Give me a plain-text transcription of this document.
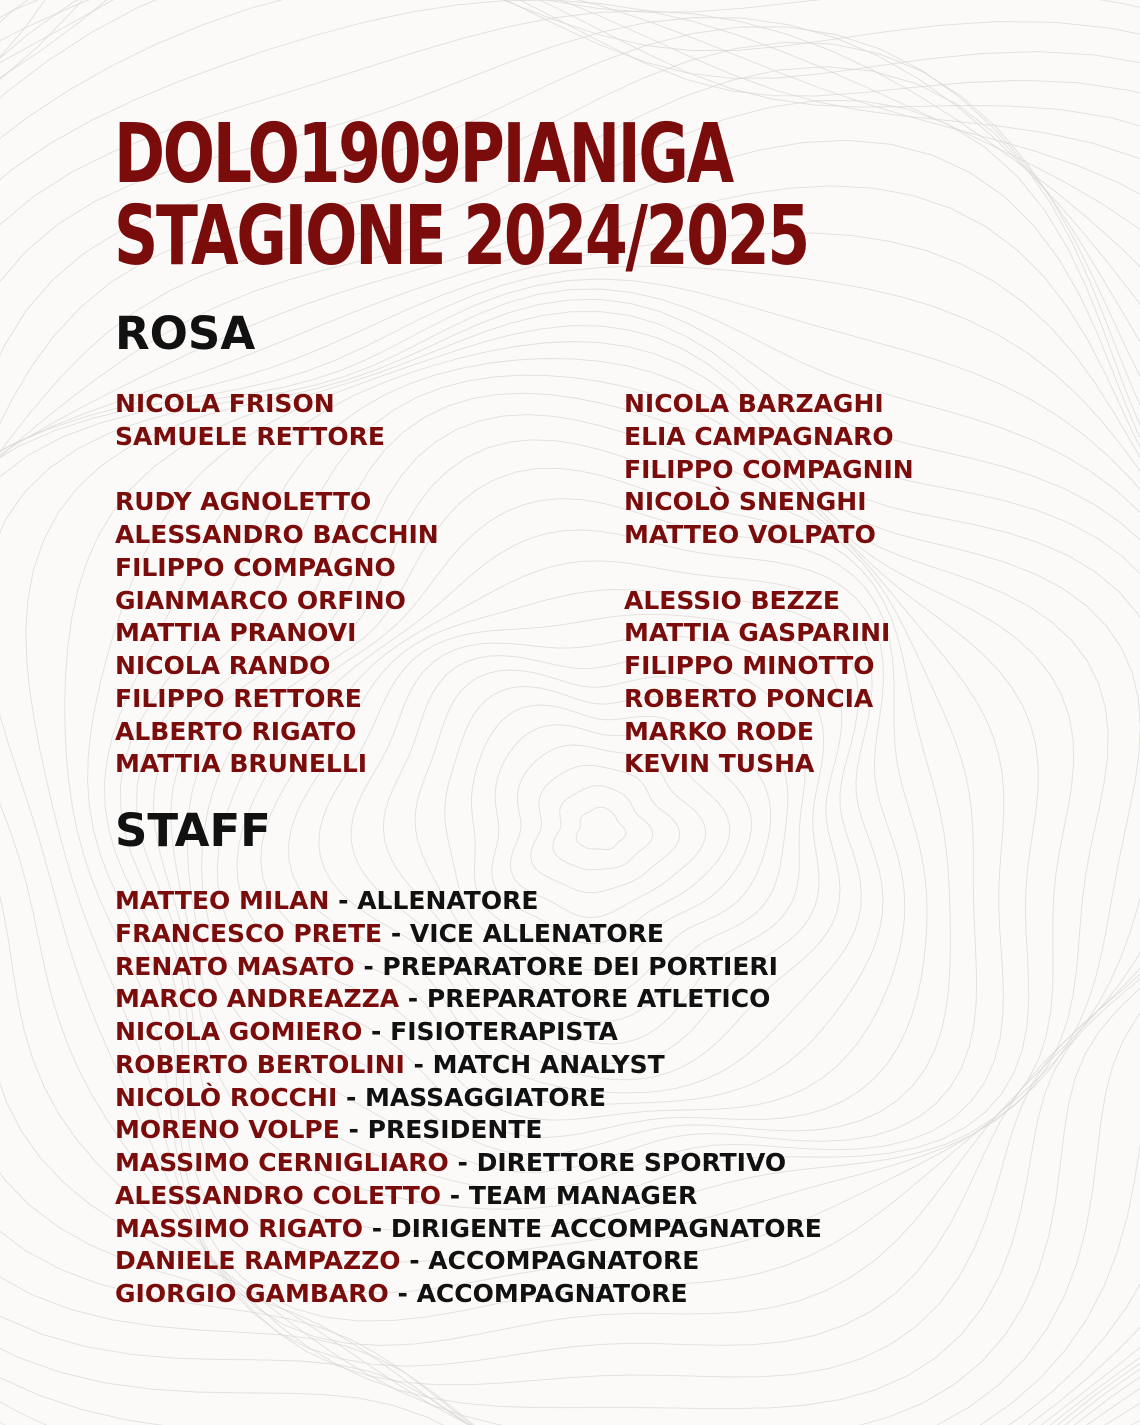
DOLO1909PIANIGA
STAGIONE 2024/2025
ROSA
NICOLA FRISON
SAMUELE RETTORE
RUDY AGNOLETTO
ALESSANDRO BACCHIN
FILIPPO COMPAGNO
GIANMARCO ORFINO
MATTIA PRANOVI
NICOLA RANDO
FILIPPO RETTORE
ALBERTO RIGATO
MATTIA BRUNELLI
NICOLA BARZAGHI
ELIA CAMPAGNARO
FILIPPO COMPAGNIN
NICOLÒ SNENGHI
MATTEO VOLPATO
ALESSIO BEZZE
MATTIA GASPARINI
FILIPPO MINOTTO
ROBERTO PONCIA
MARKO RODE
KEVIN TUSHA
STAFF
MATTEO MILAN - ALLENATORE
FRANCESCO PRETE - VICE ALLENATORE
RENATO MASATO - PREPARATORE DEI PORTIERI
MARCO ANDREAZZA - PREPARATORE ATLETICO
NICOLA GOMIERO - FISIOTERAPISTA
ROBERTO BERTOLINI - MATCH ANALYST
NICOLÒ ROCCHI - MASSAGGIATORE
MORENO VOLPE - PRESIDENTE
MASSIMO CERNIGLIARO - DIRETTORE SPORTIVO
ALESSANDRO COLETTO - TEAM MANAGER
MASSIMO RIGATO - DIRIGENTE ACCOMPAGNATORE
DANIELE RAMPAZZO - ACCOMPAGNATORE
GIORGIO GAMBARO - ACCOMPAGNATORE
